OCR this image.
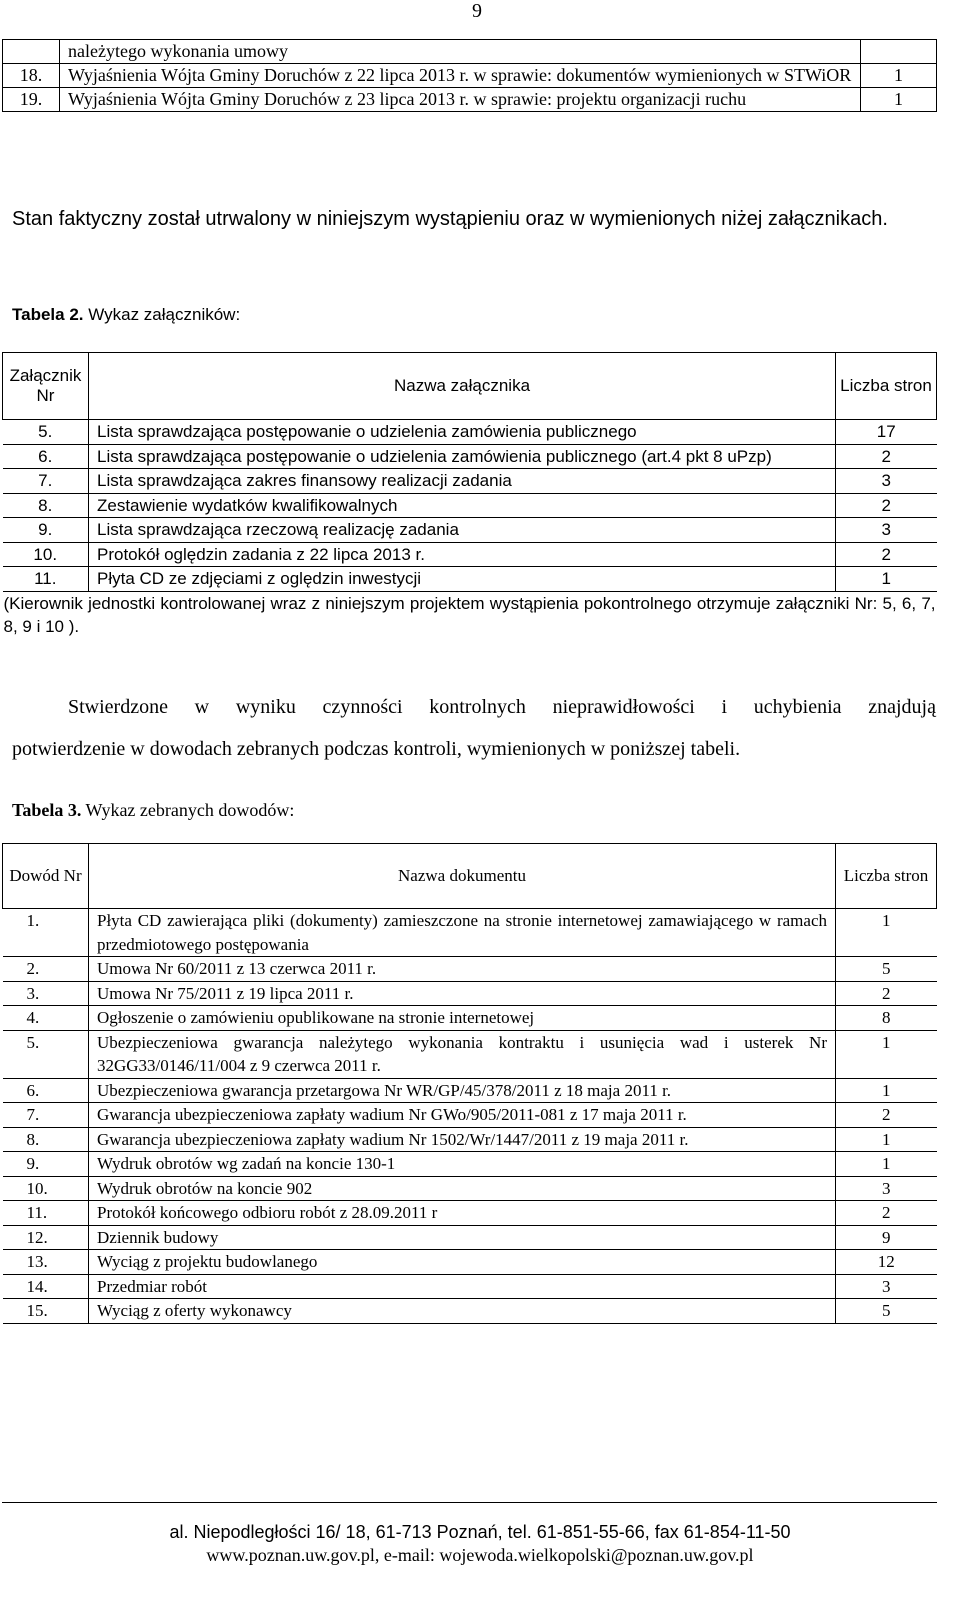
9
	należytego wykonania umowy	
18.	Wyjaśnienia Wójta Gminy Doruchów z 22 lipca 2013 r. w sprawie: dokumentów wymienionych w STWiOR	1
19.	Wyjaśnienia Wójta Gminy Doruchów z 23 lipca 2013 r. w sprawie: projektu organizacji ruchu	1
Stan faktyczny został utrwalony w niniejszym wystąpieniu oraz w wymienionych niżej załącznikach.
Tabela 2. Wykaz załączników:
Załącznik Nr	Nazwa załącznika	Liczba stron
5.	Lista sprawdzająca postępowanie o udzielenia zamówienia publicznego	17
6.	Lista sprawdzająca postępowanie o udzielenia zamówienia publicznego (art.4 pkt 8 uPzp)	2
7.	Lista sprawdzająca zakres finansowy realizacji zadania	3
8.	Zestawienie wydatków kwalifikowalnych	2
9.	Lista sprawdzająca rzeczową realizację zadania	3
10.	Protokół oględzin zadania z 22 lipca 2013 r.	2
11.	Płyta CD ze zdjęciami z oględzin inwestycji	1
(Kierownik jednostki kontrolowanej wraz z niniejszym projektem wystąpienia pokontrolnego otrzymuje załączniki Nr: 5, 6, 7, 8, 9 i 10 ).		
Stwierdzone w wyniku czynności kontrolnych nieprawidłowości i uchybienia znajdują
potwierdzenie w dowodach zebranych podczas kontroli, wymienionych w poniższej tabeli.
Tabela 3. Wykaz zebranych dowodów:
Dowód Nr	Nazwa dokumentu	Liczba stron
1.	Płyta CD zawierająca pliki (dokumenty) zamieszczone na stronie internetowej zamawiającego w ramach przedmiotowego postępowania	1
2.	Umowa Nr 60/2011 z 13 czerwca 2011 r.	5
3.	Umowa Nr 75/2011 z 19 lipca 2011 r.	2
4.	Ogłoszenie o zamówieniu opublikowane na stronie internetowej	8
5.	Ubezpieczeniowa gwarancja należytego wykonania kontraktu i usunięcia wad i usterek Nr 32GG33/0146/11/004 z 9 czerwca 2011 r.	1
6.	Ubezpieczeniowa gwarancja przetargowa Nr WR/GP/45/378/2011 z 18 maja 2011 r.	1
7.	Gwarancja ubezpieczeniowa zapłaty wadium Nr GWo/905/2011-081 z 17 maja 2011 r.	2
8.	Gwarancja ubezpieczeniowa zapłaty wadium Nr 1502/Wr/1447/2011 z 19 maja 2011 r.	1
9.	Wydruk obrotów wg zadań na koncie 130-1	1
10.	Wydruk obrotów na koncie 902	3
11.	Protokół końcowego odbioru robót z 28.09.2011 r	2
12.	Dziennik budowy	9
13.	Wyciąg z projektu budowlanego	12
14.	Przedmiar robót	3
15.	Wyciąg z oferty wykonawcy	5
al. Niepodległości 16/ 18, 61-713 Poznań, tel. 61-851-55-66, fax 61-854-11-50
www.poznan.uw.gov.pl, e-mail: wojewoda.wielkopolski@poznan.uw.gov.pl
